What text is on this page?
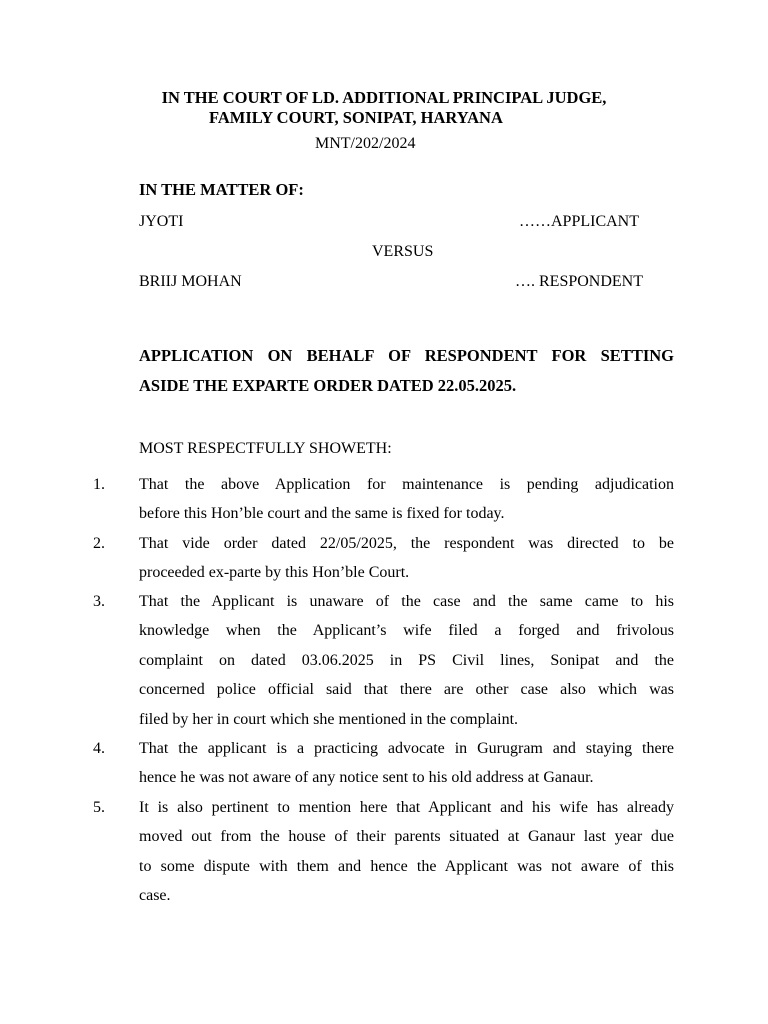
IN THE COURT OF LD. ADDITIONAL PRINCIPAL JUDGE,
FAMILY COURT, SONIPAT, HARYANA
MNT/202/2024
IN THE MATTER OF:
JYOTI	……APPLICANT
VERSUS
BRIIJ MOHAN	…. RESPONDENT
APPLICATION ON BEHALF OF RESPONDENT FOR SETTING
ASIDE THE EXPARTE ORDER DATED 22.05.2025.
MOST RESPECTFULLY SHOWETH:
1. That the above Application for maintenance is pending adjudication
before this Hon’ble court and the same is fixed for today.
2. That vide order dated 22/05/2025, the respondent was directed to be
proceeded ex-parte by this Hon’ble Court.
3. That the Applicant is unaware of the case and the same came to his
knowledge when the Applicant’s wife filed a forged and frivolous
complaint on dated 03.06.2025 in PS Civil lines, Sonipat and the
concerned police official said that there are other case also which was
filed by her in court which she mentioned in the complaint.
4. That the applicant is a practicing advocate in Gurugram and staying there
hence he was not aware of any notice sent to his old address at Ganaur.
5. It is also pertinent to mention here that Applicant and his wife has already
moved out from the house of their parents situated at Ganaur last year due
to some dispute with them and hence the Applicant was not aware of this
case.
